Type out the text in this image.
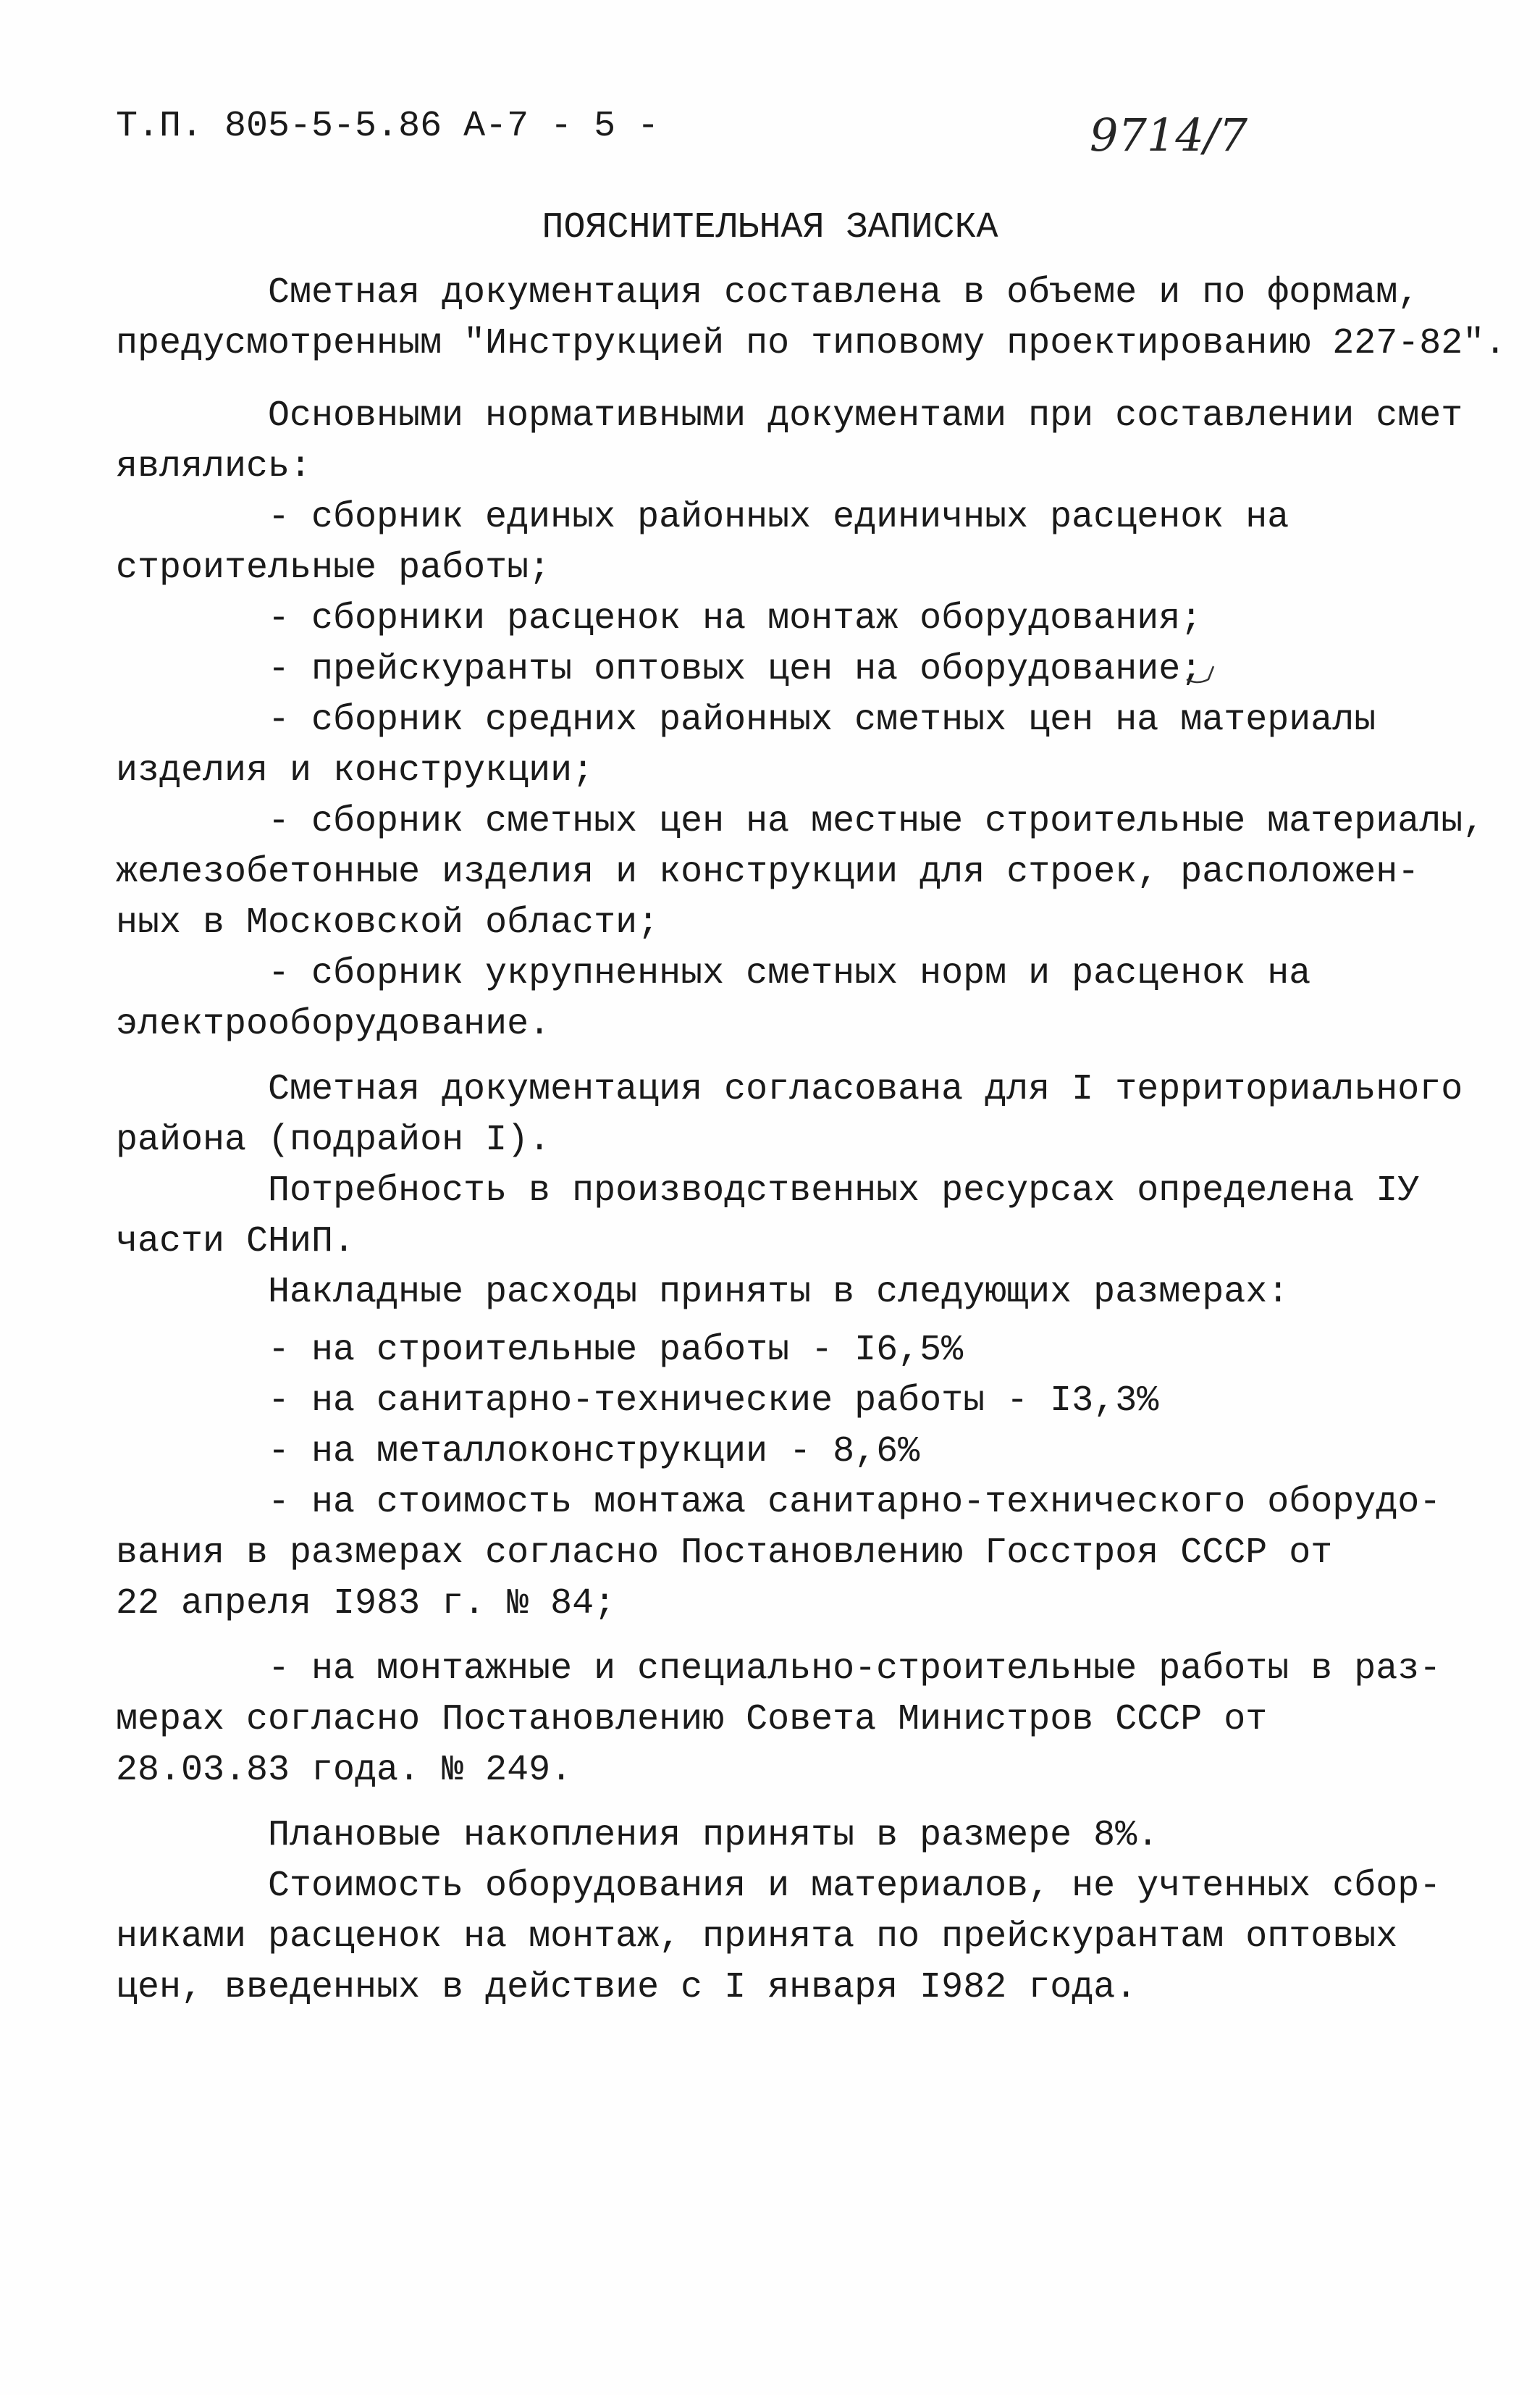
Т.П. 805-5-5.86 А-7 - 5 -	9714/7
ПОЯСНИТЕЛЬНАЯ ЗАПИСКА
Сметная документация составлена в объеме и по формам,
предусмотренным "Инструкцией по типовому проектированию 227-82".
Основными нормативными документами при составлении смет
являлись:
- сборник единых районных единичных расценок на
строительные работы;
- сборники расценок на монтаж оборудования;
- прейскуранты оптовых цен на оборудование;
- сборник средних районных сметных цен на материалы
изделия и конструкции;
- сборник сметных цен на местные строительные материалы,
железобетонные изделия и конструкции для строек, расположен-
ных в Московской области;
- сборник укрупненных сметных норм и расценок на
электрооборудование.
Сметная документация согласована для I территориального
района (подрайон I).
Потребность в производственных ресурсах определена IУ
части СНиП.
Накладные расходы приняты в следующих размерах:
- на строительные работы - I6,5%
- на санитарно-технические работы - I3,3%
- на металлоконструкции - 8,6%
- на стоимость монтажа санитарно-технического оборудо-
вания в размерах согласно Постановлению Госстроя СССР от
22 апреля I983 г. № 84;
- на монтажные и специально-строительные работы в раз-
мерах согласно Постановлению Совета Министров СССР от
28.03.83 года. № 249.
Плановые накопления приняты в размере 8%.
Стоимость оборудования и материалов, не учтенных сбор-
никами расценок на монтаж, принята по прейскурантам оптовых
цен, введенных в действие с I января I982 года.
